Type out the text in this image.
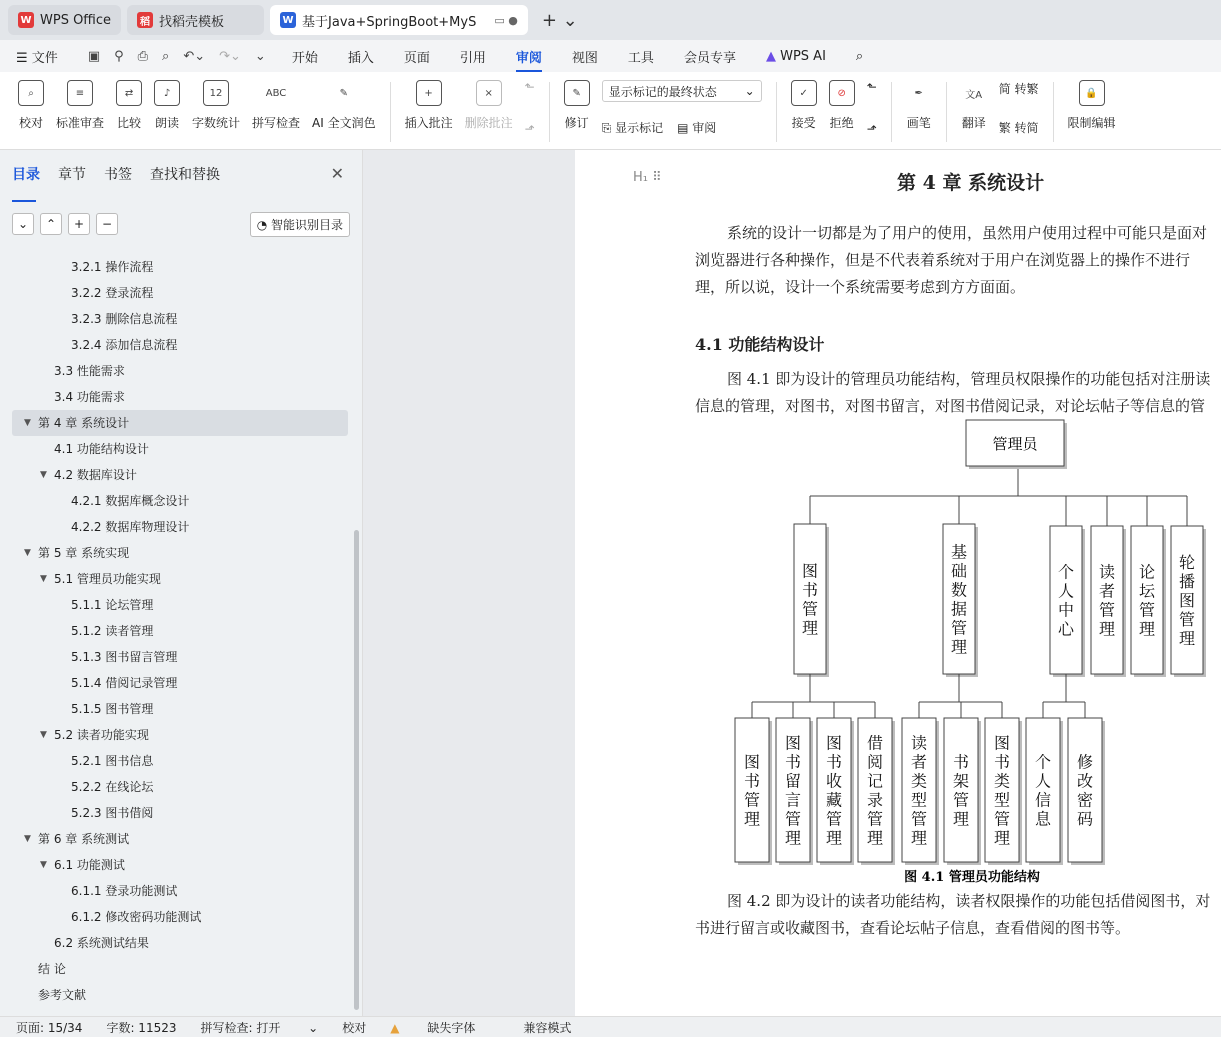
W WPS Office	稻 找稻壳模板	W 基于Java+SpringBoot+MyS ▭ ● + ⌄
☰ 文件 ▣ ⚲ ⎙ ⌕ ↶⌄ ↷⌄ ⌄ 开始 插入 页面 引用 审阅 视图 工具 会员专享 ▲ WPS AI ⌕
⌕
校对
≡
标准审查
⇄
比较
♪
朗读
12
字数统计
ABC
拼写检查
✎
AI 全文润色
+
插入批注
×
删除批注
⬑
⬏
✎
修订
显示标记的最终状态 ⌄
⎘ 显示标记 ▤ 审阅
✓
接受
⊘
拒绝
⬑
⬏
✒
画笔
文A
翻译
简 转繁
繁 转简
🔒
限制编辑
目录 章节 书签 查找和替换	✕
⌄	⌃	+	−	◔ 智能识别目录
3.2.1 操作流程
3.2.2 登录流程
3.2.3 删除信息流程
3.2.4 添加信息流程
3.3 性能需求
3.4 功能需求
▼ 第 4 章 系统设计
4.1 功能结构设计
▼ 4.2 数据库设计
4.2.1 数据库概念设计
4.2.2 数据库物理设计
▼ 第 5 章 系统实现
▼ 5.1 管理员功能实现
5.1.1 论坛管理
5.1.2 读者管理
5.1.3 图书留言管理
5.1.4 借阅记录管理
5.1.5 图书管理
▼ 5.2 读者功能实现
5.2.1 图书信息
5.2.2 在线论坛
5.2.3 图书借阅
▼ 第 6 章 系统测试
▼ 6.1 功能测试
6.1.1 登录功能测试
6.1.2 修改密码功能测试
6.2 系统测试结果
结 论
参考文献
H₁ ⠿	第 4 章 系统设计
系统的设计一切都是为了用户的使用，虽然用户使用过程中可能只是面对
浏览器进行各种操作，但是不代表着系统对于用户在浏览器上的操作不进行
理，所以说，设计一个系统需要考虑到方方面面。
4.1 功能结构设计
图 4.1 即为设计的管理员功能结构，管理员权限操作的功能包括对注册读
信息的管理，对图书，对图书留言，对图书借阅记录，对论坛帖子等信息的管
管理员
图
书
管
理
基
础
数
据
管
理
个
人
中
心
读
者
管
理
论
坛
管
理
轮
播
图
管
理
图
书
管
理
图
书
留
言
管
理
图
书
收
藏
管
理
借
阅
记
录
管
理
读
者
类
型
管
理
书
架
管
理
图
书
类
型
管
理
个
人
信
息
修
改
密
码
图 4.1 管理员功能结构
图 4.2 即为设计的读者功能结构，读者权限操作的功能包括借阅图书，对
书进行留言或收藏图书，查看论坛帖子信息，查看借阅的图书等。
页面: 15/34 字数: 11523 拼写检查: 打开 ⌄ 校对 ▲ 缺失字体	兼容模式
